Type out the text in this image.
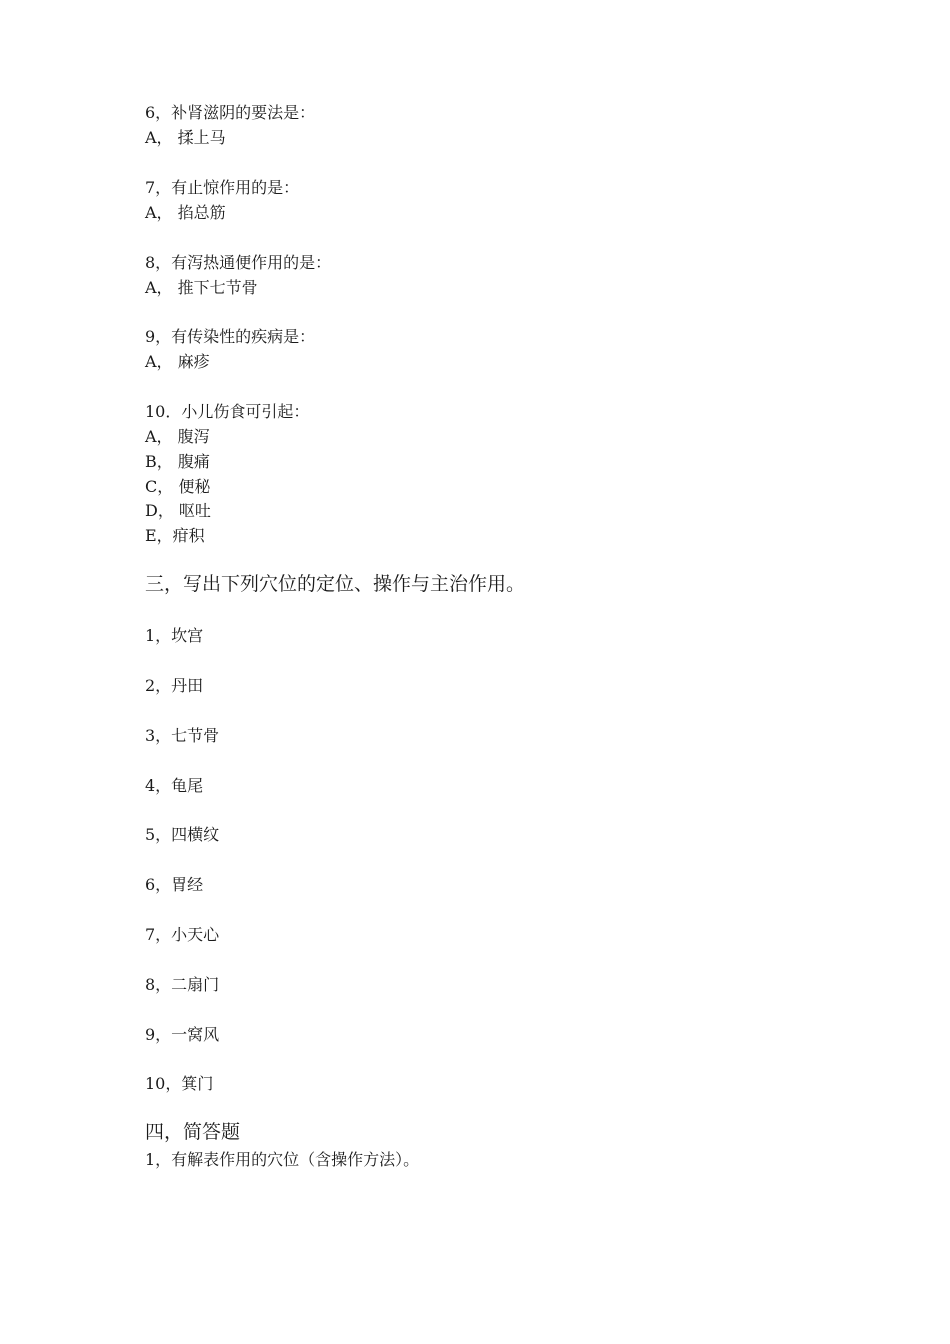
6，补肾滋阴的要法是：
A， 揉上马
7，有止惊作用的是：
A， 掐总筋
8，有泻热通便作用的是：
A， 推下七节骨
9，有传染性的疾病是：
A， 麻疹
10．小儿伤食可引起：
A， 腹泻
B， 腹痛
C， 便秘
D， 呕吐
E，疳积
三，写出下列穴位的定位、操作与主治作用。
1，坎宫
2，丹田
3，七节骨
4，龟尾
5，四横纹
6，胃经
7，小天心
8，二扇门
9，一窝风
10，箕门
四，简答题
1，有解表作用的穴位（含操作方法）。
